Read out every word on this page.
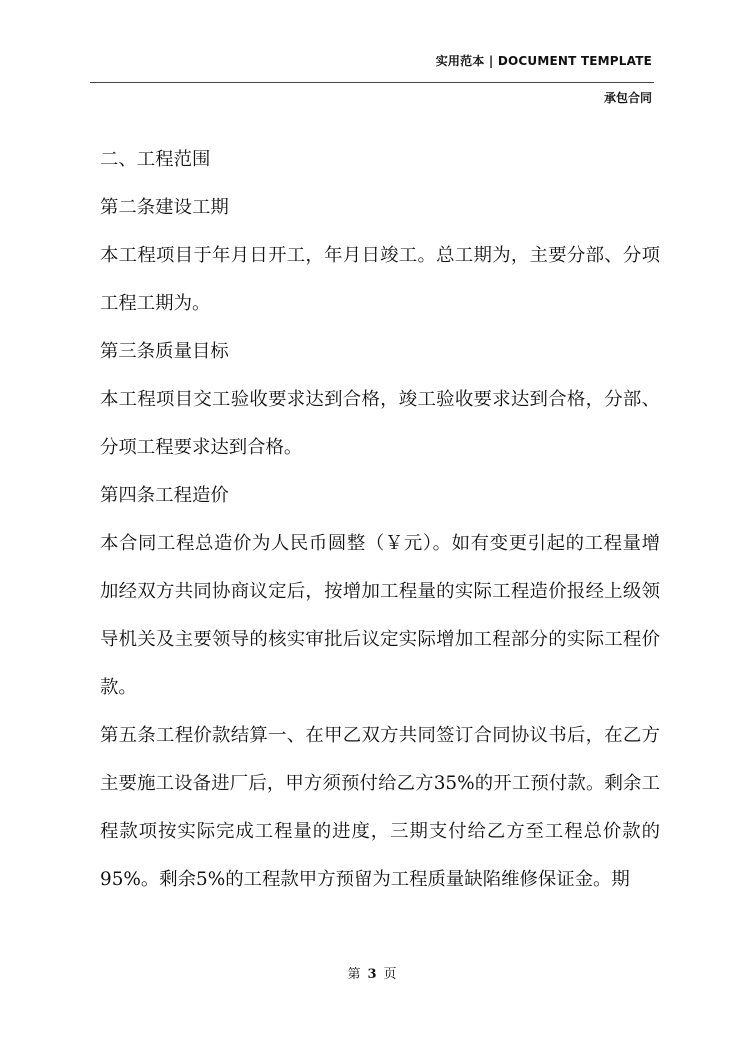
实用范本 | DOCUMENT TEMPLATE
承包合同

二、工程范围

第二条建设工期

本工程项目于年月日开工，年月日竣工。总工期为，主要分部、分项工程工期为。

第三条质量目标

本工程项目交工验收要求达到合格，竣工验收要求达到合格，分部、分项工程要求达到合格。

第四条工程造价

本合同工程总造价为人民币圆整（￥元）。如有变更引起的工程量增加经双方共同协商议定后，按增加工程量的实际工程造价报经上级领导机关及主要领导的核实审批后议定实际增加工程部分的实际工程价款。

第五条工程价款结算一、在甲乙双方共同签订合同协议书后，在乙方主要施工设备进厂后，甲方须预付给乙方35%的开工预付款。剩余工程款项按实际完成工程量的进度，三期支付给乙方至工程总价款的95%。剩余5%的工程款甲方预留为工程质量缺陷维修保证金。期

第 3 页
